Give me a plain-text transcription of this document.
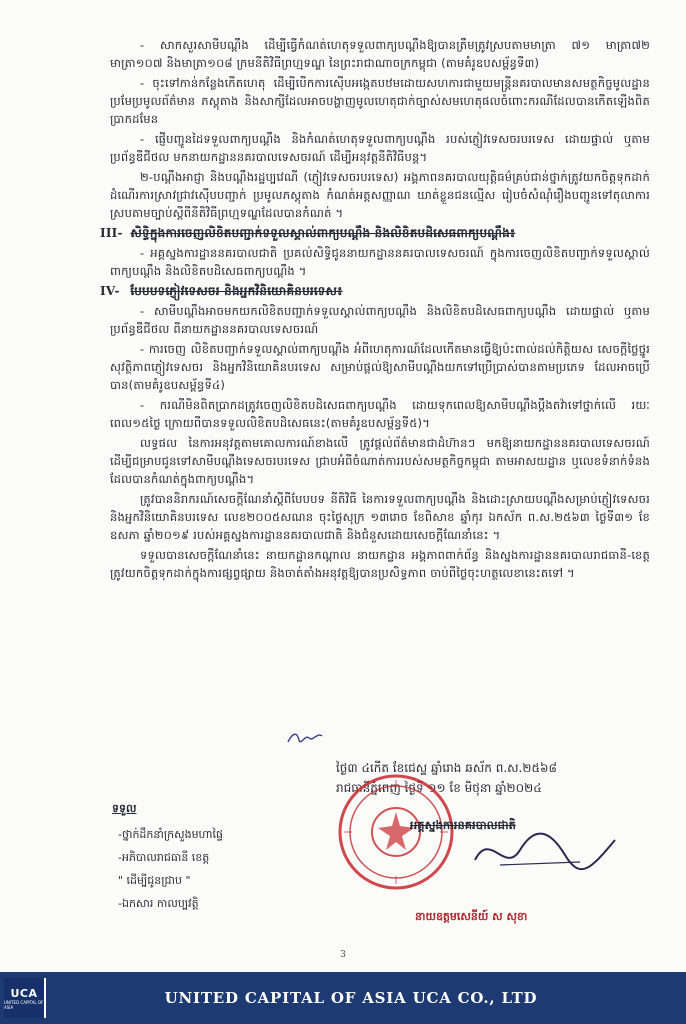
- សាកសួរសាមីបណ្តឹង ដើម្បីធ្វើកំណត់ហេតុទទួលពាក្យបណ្តឹងឱ្យបានត្រឹមត្រូវស្របតាមមាត្រា ៧១ មាត្រា៧២ មាត្រា១០៧ និងមាត្រា១០៨ ក្រមនីតិវិធីព្រហ្មទណ្ឌ នៃព្រះរាជាណាចក្រកម្ពុជា (តាមគំរូឧបសម្ព័ន្ធទី៣)

- ចុះទៅកាន់កន្លែងកើតហេតុ ដើម្បីបើកការស៊ើបអង្កេតបឋមដោយសហការជាមួយមន្ត្រីនគរបាលមានសមត្ថកិច្ចមូលដ្ឋាន ប្រមែប្រមូលព័ត៌មាន ភស្តុតាង និងសាក្សីដែលអាចបង្ហាញមូលហេតុជាក់ច្បាស់សមហេតុផលចំពោះករណីដែលបានកើតឡើងពិតប្រាកដមែន

- ផ្ញើបញ្ជូនដៃទទួលពាក្យបណ្តឹង និងកំណត់ហេតុទទួលពាក្យបណ្តឹង របស់ភ្ញៀវទេសចរបរទេស ដោយផ្ទាល់ ឬតាមប្រព័ន្ធឌីជីថល មកនាយកដ្ឋាននគរបាលទេសចរណ៍ ដើម្បីអនុវត្តនីតិវិធីបន្ត។

២-បណ្តឹងអាជ្ញា និងបណ្តឹងរដ្ឋប្បវេណី (ភ្ញៀវទេសចរបរទេស) អង្គភាពនគរបាលយុត្តិធម៌គ្រប់ជាន់ថ្នាក់ត្រូវយកចិត្តទុកដាក់ដំណើរការស្រាវជ្រាវស៊ើបបញ្ជាក់ ប្រមូលភស្តុតាង កំណត់អត្តសញ្ញាណ ឃាត់ខ្លួនជនល្មើស រៀបចំសំណុំរឿងបញ្ជូនទៅតុលាការ ស្របតាមច្បាប់ស្តីពីនីតិវិធីព្រហ្មទណ្ឌដែលបានកំណត់ ។

III- សិទ្ធិក្នុងការចេញលិខិតបញ្ជាក់ទទួលស្គាល់ពាក្យបណ្តឹង និងលិខិតបដិសេធពាក្យបណ្តឹង៖

- អគ្គស្នងការដ្ឋាននគរបាលជាតិ ប្រគល់សិទ្ធិជូននាយកដ្ឋាននគរបាលទេសចរណ៍ ក្នុងការចេញលិខិតបញ្ជាក់ទទួលស្គាល់ពាក្យបណ្តឹង និងលិខិតបដិសេធពាក្យបណ្តឹង ។

IV- បែបបទភ្ញៀវទេសចរ និងអ្នកវិនិយោគិនបរទេស៖

- សាមីបណ្តឹងអាចមកយកលិខិតបញ្ជាក់ទទួលស្គាល់ពាក្យបណ្តឹង និងលិខិតបដិសេធពាក្យបណ្តឹង ដោយផ្ទាល់ ឬតាមប្រព័ន្ធឌីជីថល ពីនាយកដ្ឋាននគរបាលទេសចរណ៍

- ការចេញ លិខិតបញ្ជាក់ទទួលស្គាល់ពាក្យបណ្តឹង អំពីហេតុការណ៍ដែលកើតមានធ្វើឱ្យប៉ះពាល់ដល់កិត្តិយស សេចក្តីថ្លៃថ្នូរ សុវត្ថិភាពភ្ញៀវទេសចរ និងអ្នកវិនិយោគិនបរទេស សម្រាប់ផ្តល់ឱ្យសាមីបណ្តឹងយកទៅប្រើប្រាស់បានតាមប្រភេទ ដែលអាចប្រើបាន(តាមគំរូឧបសម្ព័ន្ធទី៤)

- ករណីមិនពិតប្រាកដត្រូវចេញលិខិតបដិសេធពាក្យបណ្តឹង ដោយទុកពេលឱ្យសាមីបណ្តឹងប្តឹងតវ៉ាទៅថ្នាក់លើ រយៈពេល១៥ថ្ងៃ ក្រោយពីបានទទួលលិខិតបដិសេធនេះ(តាមគំរូឧបសម្ព័ន្ធទី៥)។

លទ្ធផល នៃការអនុវត្តតាមគោលការណ៍ខាងលើ ត្រូវផ្តល់ព័ត៌មានជាដំហ៊ានៗ មកឱ្យនាយកដ្ឋាននគរបាលទេសចរណ៍ ដើម្បីជម្រាបជូនទៅសាមីបណ្តឹងទេសចរបរទេស ជ្រាបអំពីចំណាត់ការរបស់សមត្ថកិច្ចកម្ពុជា តាមអាសយដ្ឋាន ឬលេខទំនាក់ទំនងដែលបានកំណត់ក្នុងពាក្យបណ្តឹង។

ត្រូវបាននិរាករណ៍សេចក្តីណែនាំស្តីពីបែបបទ នីតិវិធី នៃការទទួលពាក្យបណ្តឹង និងដោះស្រាយបណ្តឹងសម្រាប់ភ្ញៀវទេសចរ និងអ្នកវិនិយោគិនបរទេស លេខ២០០៥សណន ចុះថ្ងៃសុក្រ ១៣រោច ខែពិសាខ ឆ្នាំកុរ ឯកស័ក ព.ស.២៥៦៣ ថ្ងៃទី៣១ ខែឧសភា ឆ្នាំ២០១៩ របស់អគ្គស្នងការដ្ឋាននគរបាលជាតិ និងជំនួសដោយសេចក្តីណែនាំនេះ ។

ទទួលបានសេចក្តីណែនាំនេះ នាយកដ្ឋានកណ្តាល នាយកដ្ឋាន អង្គភាពពាក់ព័ន្ធ និងស្នងការដ្ឋាននគរបាលរាជធានី-ខេត្ត ត្រូវយកចិត្តទុកដាក់ក្នុងការផ្សព្វផ្សាយ និងចាត់តាំងអនុវត្តឱ្យបានប្រសិទ្ធភាព ចាប់ពីថ្ងៃចុះហត្ថលេខានេះតទៅ ។

ថ្ងៃ៣ ៤កើត ខែជេស្ឋ ឆ្នាំរោង ឆស័ក ព.ស.២៥៦៨
រាជធានីភ្នំពេញ ថ្ងៃទី ១១ ខែ មិថុនា ឆ្នាំ២០២៤
អគ្គស្នងការនគរបាលជាតិ
នាយឧត្តមសេនីយ៍ ស សុខា
ទទួល
-ថ្នាក់ដឹកនាំក្រសួងមហាផ្ទៃ
-អភិបាលរាជធានី ខេត្ត
" ដើម្បីជូនជ្រាប "
-ឯកសារ កាលប្បវត្តិ
3
UCA
UNITED CAPITAL OF ASIA	UNITED CAPITAL OF ASIA UCA CO., LTD
